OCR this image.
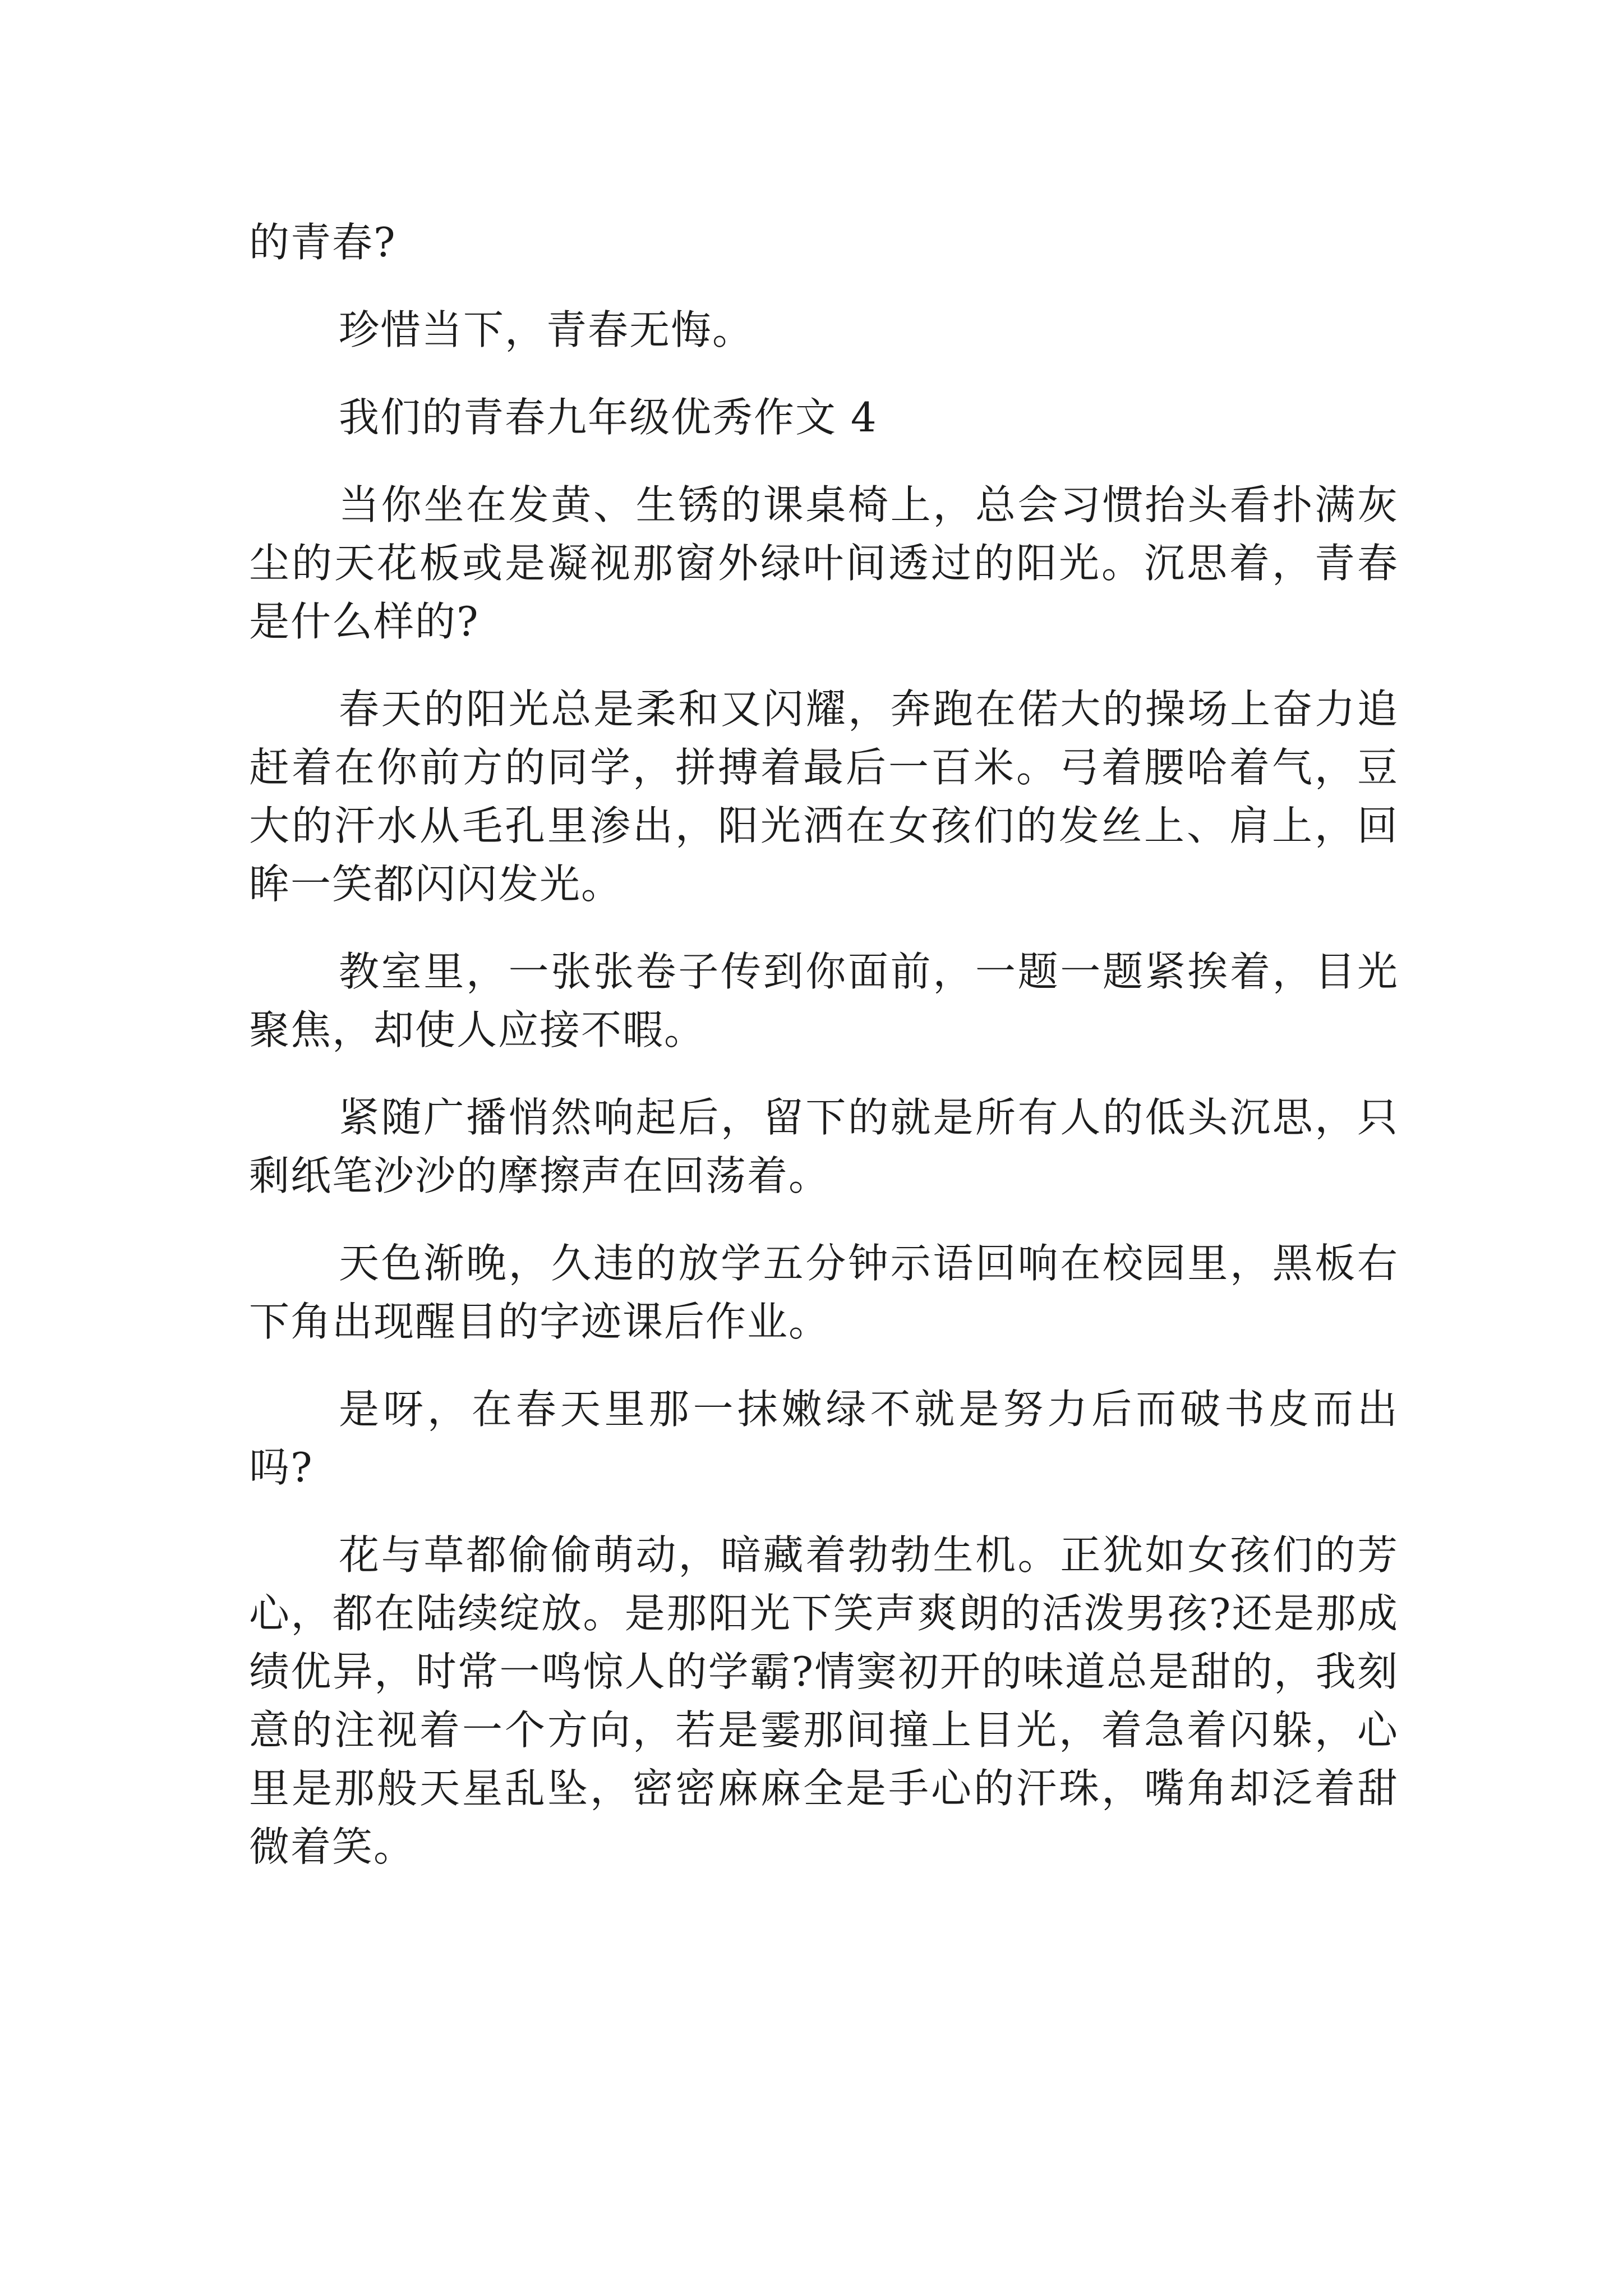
的青春?

珍惜当下，青春无悔。

我们的青春九年级优秀作文 4

当你坐在发黄、生锈的课桌椅上，总会习惯抬头看扑满灰尘的天花板或是凝视那窗外绿叶间透过的阳光。沉思着，青春是什么样的?

春天的阳光总是柔和又闪耀，奔跑在偌大的操场上奋力追赶着在你前方的同学，拼搏着最后一百米。弓着腰哈着气，豆大的汗水从毛孔里渗出，阳光洒在女孩们的发丝上、肩上，回眸一笑都闪闪发光。

教室里，一张张卷子传到你面前，一题一题紧挨着，目光聚焦，却使人应接不暇。

紧随广播悄然响起后，留下的就是所有人的低头沉思，只剩纸笔沙沙的摩擦声在回荡着。

天色渐晚，久违的放学五分钟示语回响在校园里，黑板右下角出现醒目的字迹课后作业。

是呀，在春天里那一抹嫩绿不就是努力后而破书皮而出吗?

花与草都偷偷萌动，暗藏着勃勃生机。正犹如女孩们的芳心，都在陆续绽放。是那阳光下笑声爽朗的活泼男孩?还是那成绩优异，时常一鸣惊人的学霸?情窦初开的味道总是甜的，我刻意的注视着一个方向，若是霎那间撞上目光，着急着闪躲，心里是那般天星乱坠，密密麻麻全是手心的汗珠，嘴角却泛着甜微着笑。
